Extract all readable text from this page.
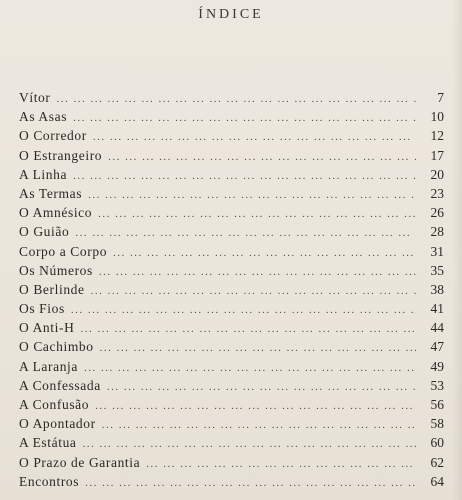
ÍNDICE
Vítor ... .	7
As Asas ... .	10
O Corredor ... .	12
O Estrangeiro ... .	17
A Linha ... .	20
As Termas ... .	23
O Amnésico ... .	26
O Guião ... .	28
Corpo a Corpo ... .	31
Os Números ... .	35
O Berlinde ... .	38
Os Fios ... .	41
O Anti-H ... .	44
O Cachimbo ... .	47
A Laranja ... .	49
A Confessada ... .	53
A Confusão ... .	56
O Apontador ... .	58
A Estátua ... .	60
O Prazo de Garantia ... .	62
Encontros ... .	64
